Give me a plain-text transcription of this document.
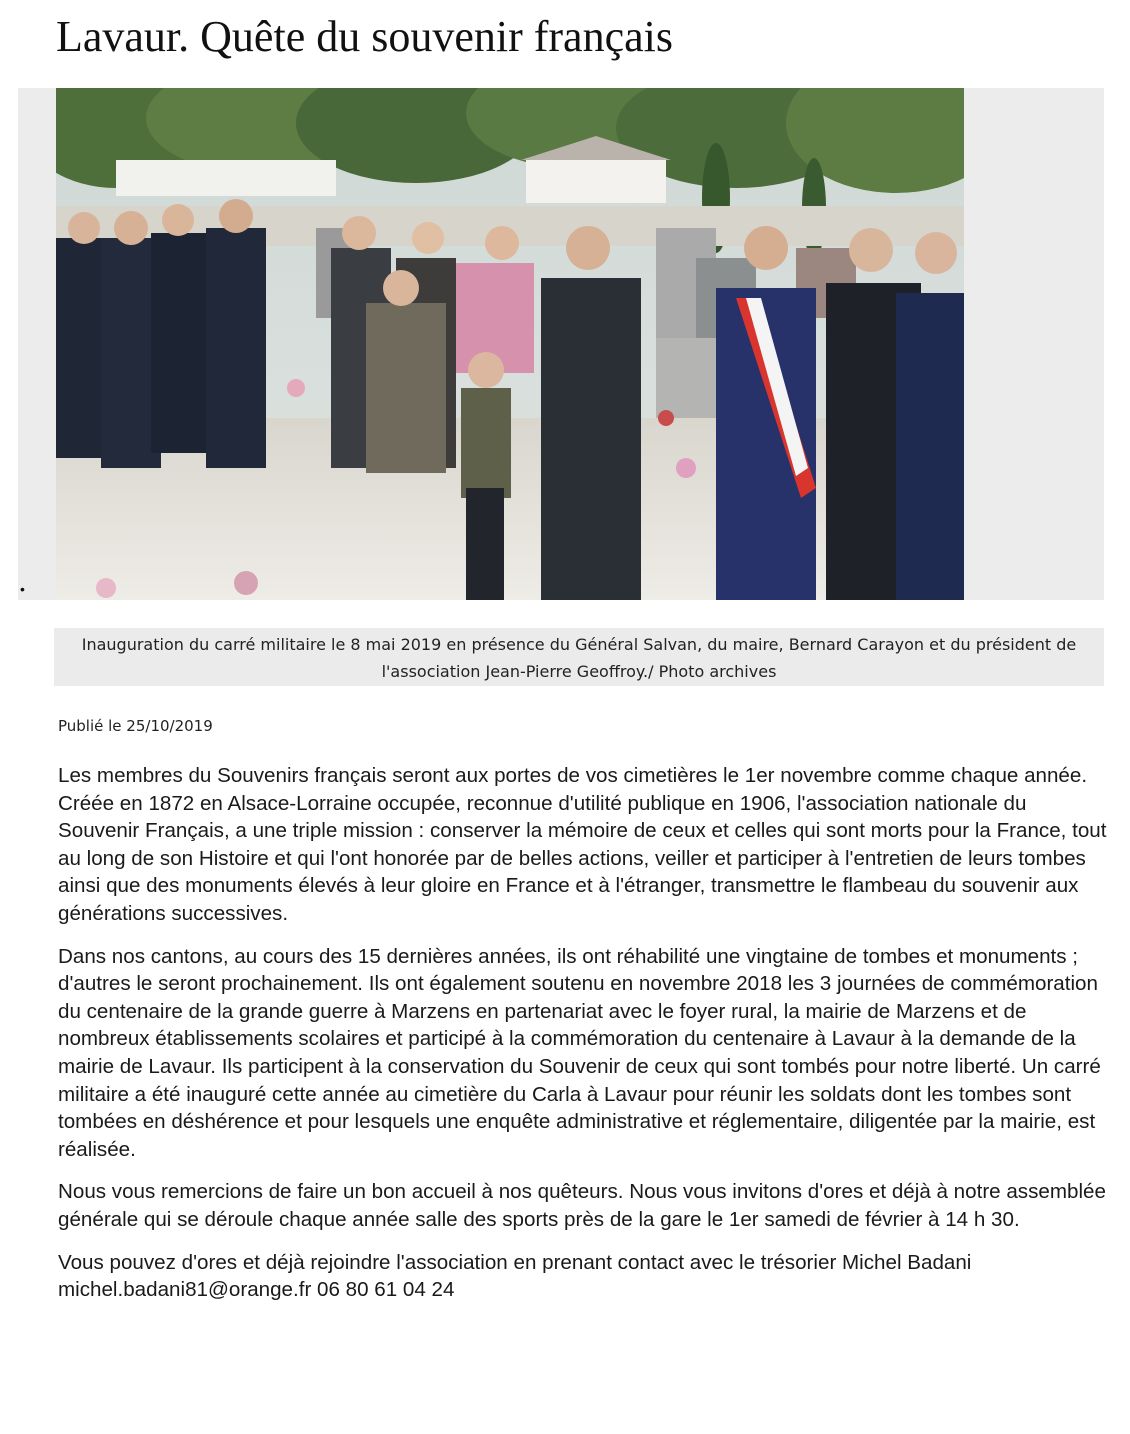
Lavaur. Quête du souvenir français
•
Inauguration du carré militaire le 8 mai 2019 en présence du Général Salvan, du maire, Bernard Carayon et du président de l'association Jean-Pierre Geoffroy./ Photo archives
Publié le 25/10/2019

Les membres du Souvenirs français seront aux portes de vos cimetières le 1er novembre comme chaque année. Créée en 1872 en Alsace-Lorraine occupée, reconnue d'utilité publique en 1906, l'association nationale du Souvenir Français, a une triple mission : conserver la mémoire de ceux et celles qui sont morts pour la France, tout au long de son Histoire et qui l'ont honorée par de belles actions, veiller et participer à l'entretien de leurs tombes ainsi que des monuments élevés à leur gloire en France et à l'étranger, transmettre le flambeau du souvenir aux générations successives.

Dans nos cantons, au cours des 15 dernières années, ils ont réhabilité une vingtaine de tombes et monuments ; d'autres le seront prochainement. Ils ont également soutenu en novembre 2018 les 3 journées de commémoration du centenaire de la grande guerre à Marzens en partenariat avec le foyer rural, la mairie de Marzens et de nombreux établissements scolaires et participé à la commémoration du centenaire à Lavaur à la demande de la mairie de Lavaur. Ils participent à la conservation du Souvenir de ceux qui sont tombés pour notre liberté. Un carré militaire a été inauguré cette année au cimetière du Carla à Lavaur pour réunir les soldats dont les tombes sont tombées en déshérence et pour lesquels une enquête administrative et réglementaire, diligentée par la mairie, est réalisée.

Nous vous remercions de faire un bon accueil à nos quêteurs. Nous vous invitons d'ores et déjà à notre assemblée générale qui se déroule chaque année salle des sports près de la gare le 1er samedi de février à 14 h 30.

Vous pouvez d'ores et déjà rejoindre l'association en prenant contact avec le trésorier Michel Badani michel.badani81@orange.fr 06 80 61 04 24
